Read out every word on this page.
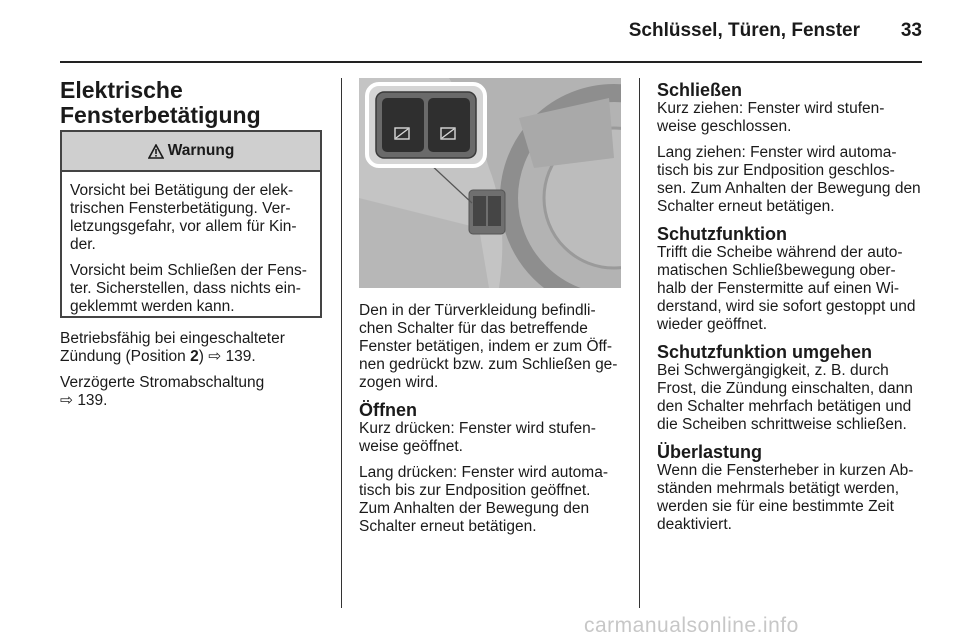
Schlüssel, Türen, Fenster	33
Elektrische
Fensterbetätigung
Warnung

Vorsicht bei Betätigung der elek-trischen Fensterbetätigung. Ver-letzungsgefahr, vor allem für Kin-der.

Vorsicht beim Schließen der Fens-ter. Sicherstellen, dass nichts ein-geklemmt werden kann.

Betriebsfähig bei eingeschalteter Zündung (Position 2) ⇨ 139.

Verzögerte Stromabschaltung
⇨ 139.

Den in der Türverkleidung befindli-chen Schalter für das betreffende Fenster betätigen, indem er zum Öff-nen gedrückt bzw. zum Schließen ge-zogen wird.

Öffnen

Kurz drücken: Fenster wird stufen-weise geöffnet.

Lang drücken: Fenster wird automa-tisch bis zur Endposition geöffnet. Zum Anhalten der Bewegung den Schalter erneut betätigen.

Schließen

Kurz ziehen: Fenster wird stufen-weise geschlossen.

Lang ziehen: Fenster wird automa-tisch bis zur Endposition geschlos-sen. Zum Anhalten der Bewegung den Schalter erneut betätigen.

Schutzfunktion

Trifft die Scheibe während der auto-matischen Schließbewegung ober-halb der Fenstermitte auf einen Wi-derstand, wird sie sofort gestoppt und wieder geöffnet.

Schutzfunktion umgehen

Bei Schwergängigkeit, z. B. durch Frost, die Zündung einschalten, dann den Schalter mehrfach betätigen und die Scheiben schrittweise schließen.

Überlastung

Wenn die Fensterheber in kurzen Ab-ständen mehrmals betätigt werden, werden sie für eine bestimmte Zeit deaktiviert.

carmanualsonline.info
